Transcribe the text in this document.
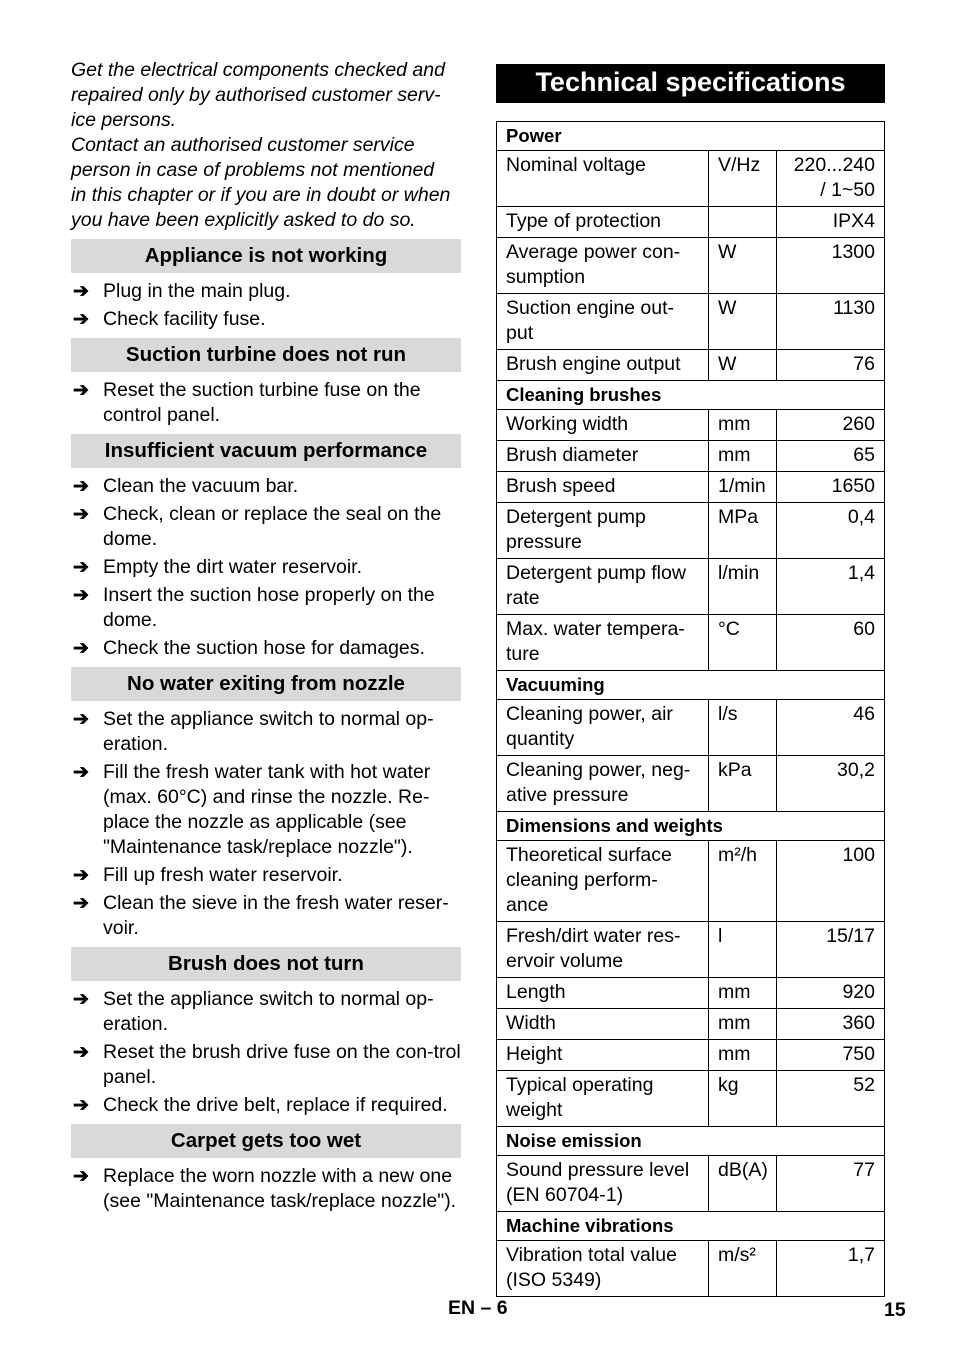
Get the electrical components checked and

repaired only by authorised customer serv-

ice persons.

Contact an authorised customer service

person in case of problems not mentioned

in this chapter or if you are in doubt or when

you have been explicitly asked to do so.

Appliance is not working
➔ Plug in the main plug.
➔ Check facility fuse.
Suction turbine does not run
➔ Reset the suction turbine fuse on the control panel.
Insufficient vacuum performance
➔ Clean the vacuum bar.
➔ Check, clean or replace the seal on the dome.
➔ Empty the dirt water reservoir.
➔ Insert the suction hose properly on the dome.
➔ Check the suction hose for damages.
No water exiting from nozzle
➔ Set the appliance switch to normal op-eration.
➔ Fill the fresh water tank with hot water (max. 60°C) and rinse the nozzle. Re-place the nozzle as applicable (see "Maintenance task/replace nozzle").
➔ Fill up fresh water reservoir.
➔ Clean the sieve in the fresh water reser-voir.
Brush does not turn
➔ Set the appliance switch to normal op-eration.
➔ Reset the brush drive fuse on the con-trol panel.
➔ Check the drive belt, replace if required.
Carpet gets too wet
➔ Replace the worn nozzle with a new one (see "Maintenance task/replace nozzle").
Technical specifications
Power		
Nominal voltage	V/Hz	220...240 / 1~50
Type of protection		IPX4
Average power con-sumption	W	1300
Suction engine out-put	W	1130
Brush engine output	W	76
Cleaning brushes		
Working width	mm	260
Brush diameter	mm	65
Brush speed	1/min	1650
Detergent pump pressure	MPa	0,4
Detergent pump flow rate	l/min	1,4
Max. water tempera-ture	°C	60
Vacuuming		
Cleaning power, air quantity	l/s	46
Cleaning power, neg-ative pressure	kPa	30,2
Dimensions and weights		
Theoretical surface cleaning perform-ance	m²/h	100
Fresh/dirt water res-ervoir volume	l	15/17
Length	mm	920
Width	mm	360
Height	mm	750
Typical operating weight	kg	52
Noise emission		
Sound pressure level (EN 60704-1)	dB(A)	77
Machine vibrations		
Vibration total value (ISO 5349)	m/s²	1,7
EN – 6	15
